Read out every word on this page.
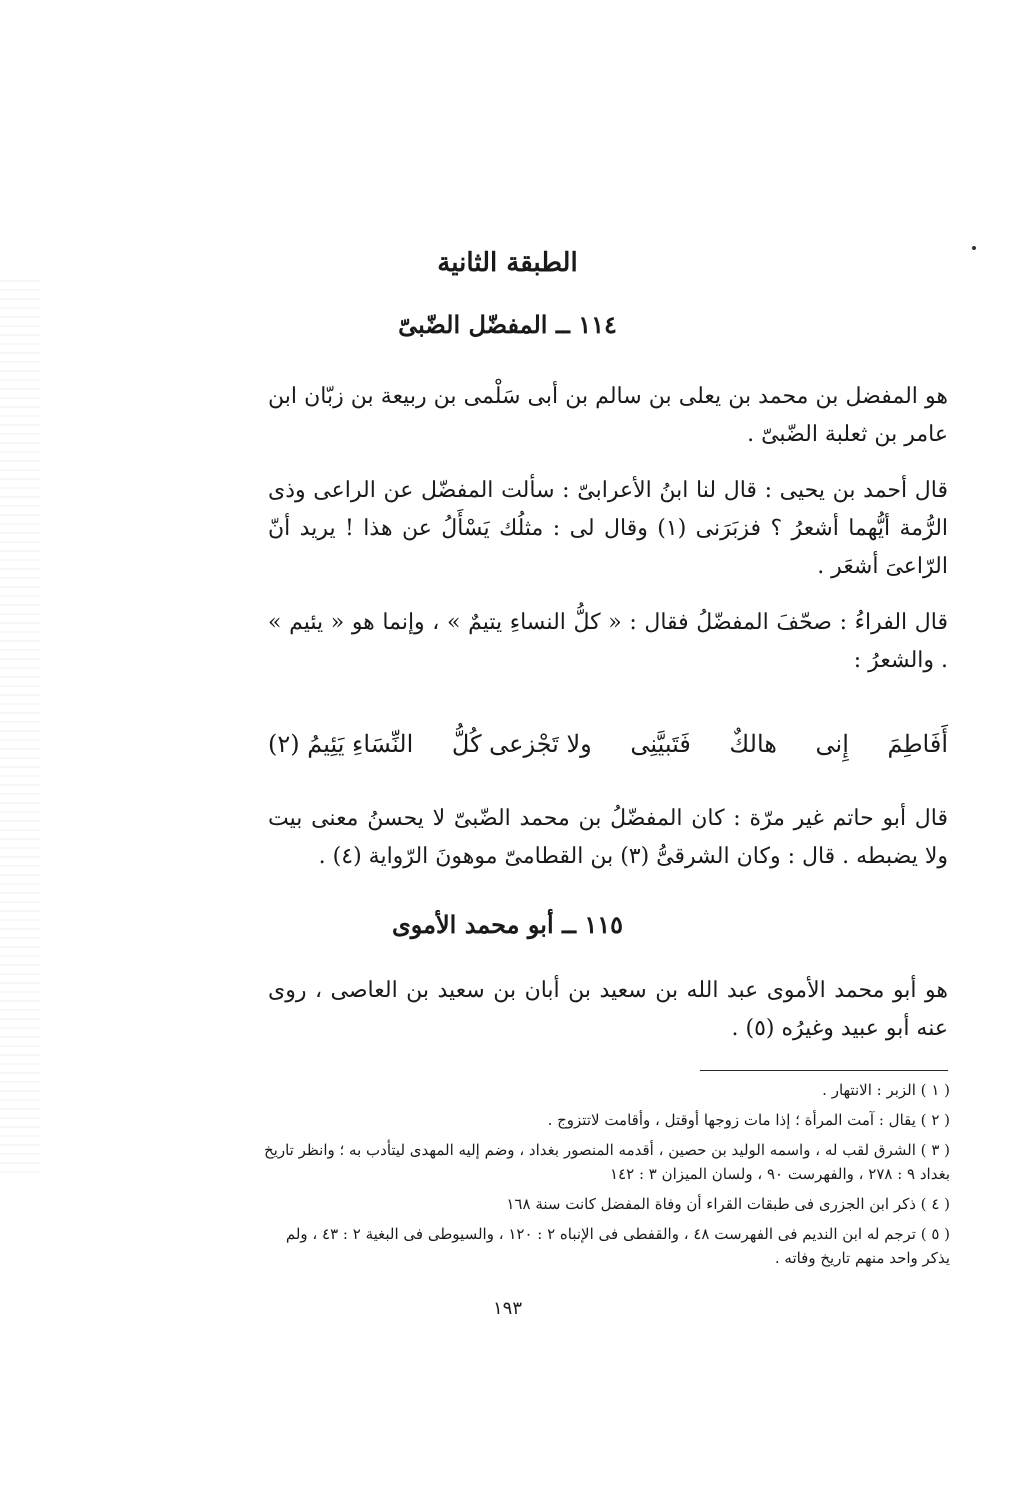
الطبقة الثانية
١١٤ ــ المفضّل الضّبىّ

هو المفضل بن محمد بن يعلى بن سالم بن أبى سَلْمى بن ربيعة بن زبّان ابن عامر بن ثعلبة الضّبىّ .

قال أحمد بن يحيى : قال لنا ابنُ الأعرابىّ : سألت المفضّل عن الراعى وذى الرُّمة أيُّهما أشعرُ ؟ فزبَرَنى (١) وقال لى : مثلُك يَسْأَلُ عن هذا ! يريد أنّ الرّاعىَ أشعَر .

قال الفراءُ : صحّفَ المفضّلُ فقال : « كلُّ النساءِ يتيمٌ » ، وإنما هو « يئيم » . والشعرُ :

أَفَاطِمَ
إِنى
هالكٌ
فَتَبيَّنِى
ولا تَجْزعى كُلُّ
النِّسَاءِ يَئِيمُ (٢)

قال أبو حاتم غير مرّة : كان المفضّلُ بن محمد الضّبىّ لا يحسنُ معنى بيت ولا يضبطه . قال : وكان الشرقىُّ (٣) بن القطامىّ موهونَ الرّواية (٤) .

١١٥ ــ أبو محمد الأموى

هو أبو محمد الأموى عبد الله بن سعيد بن أبان بن سعيد بن العاصى ، روى عنه أبو عبيد وغيرُه (٥) .

( ١ ) الزبر : الانتهار .
( ٢ ) يقال : آمت المرأة ؛ إذا مات زوجها أوقتل ، وأقامت لاتتزوج .
( ٣ ) الشرق لقب له ، واسمه الوليد بن حصين ، أقدمه المنصور بغداد ، وضم إليه المهدى ليتأدب به ؛ وانظر تاريخ بغداد ٩ : ٢٧٨ ، والفهرست ٩٠ ، ولسان الميزان ٣ : ١٤٢
( ٤ ) ذكر ابن الجزرى فى طبقات القراء أن وفاة المفضل كانت سنة ١٦٨
( ٥ ) ترجم له ابن النديم فى الفهرست ٤٨ ، والقفطى فى الإنباه ٢ : ١٢٠ ، والسيوطى فى البغية ٢ : ٤٣ ، ولم يذكر واحد منهم تاريخ وفاته .
١٩٣
